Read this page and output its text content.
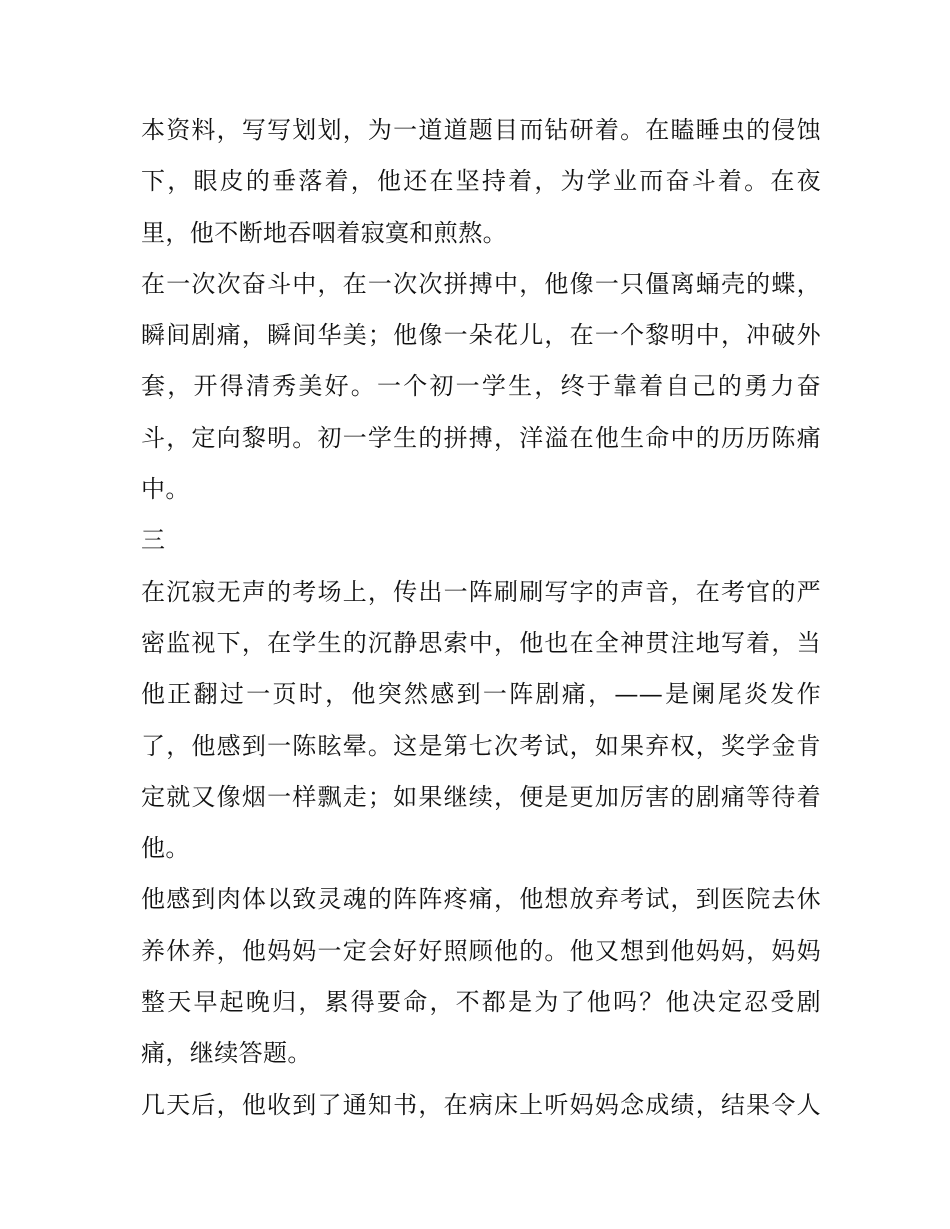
本资料，写写划划，为一道道题目而钻研着。在瞌睡虫的侵蚀
下，眼皮的垂落着，他还在坚持着，为学业而奋斗着。在夜
里，他不断地吞咽着寂寞和煎熬。
在一次次奋斗中，在一次次拼搏中，他像一只僵离蛹壳的蝶，
瞬间剧痛，瞬间华美；他像一朵花儿，在一个黎明中，冲破外
套，开得清秀美好。一个初一学生，终于靠着自己的勇力奋
斗，定向黎明。初一学生的拼搏，洋溢在他生命中的历历陈痛
中。
三
在沉寂无声的考场上，传出一阵刷刷写字的声音，在考官的严
密监视下，在学生的沉静思索中，他也在全神贯注地写着，当
他正翻过一页时，他突然感到一阵剧痛，——是阑尾炎发作
了，他感到一陈眩晕。这是第七次考试，如果弃权，奖学金肯
定就又像烟一样飘走；如果继续，便是更加厉害的剧痛等待着
他。
他感到肉体以致灵魂的阵阵疼痛，他想放弃考试，到医院去休
养休养，他妈妈一定会好好照顾他的。他又想到他妈妈，妈妈
整天早起晚归，累得要命，不都是为了他吗？他决定忍受剧
痛，继续答题。
几天后，他收到了通知书，在病床上听妈妈念成绩，结果令人
